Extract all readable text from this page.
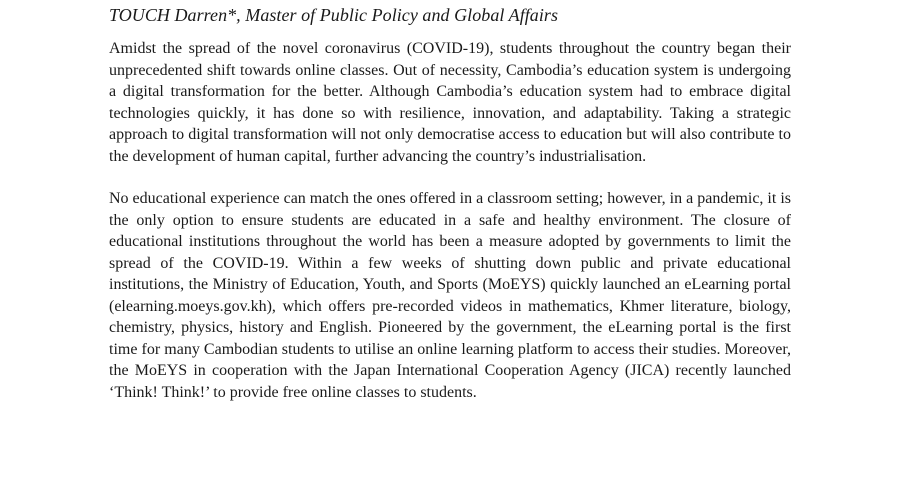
TOUCH Darren*, Master of Public Policy and Global Affairs

Amidst the spread of the novel coronavirus (COVID-19), students throughout the country began their unprecedented shift towards online classes. Out of necessity, Cambodia’s education system is undergoing a digital transformation for the better. Although Cambodia’s education system had to embrace digital technologies quickly, it has done so with resilience, innovation, and adaptability. Taking a strategic approach to digital transformation will not only democratise access to education but will also contribute to the development of human capital, further advancing the country’s industrialisation.

No educational experience can match the ones offered in a classroom setting; however, in a pandemic, it is the only option to ensure students are educated in a safe and healthy environment. The closure of educational institutions throughout the world has been a measure adopted by governments to limit the spread of the COVID-19. Within a few weeks of shutting down public and private educational institutions, the Ministry of Education, Youth, and Sports (MoEYS) quickly launched an eLearning portal (elearning.moeys.gov.kh), which offers pre-recorded videos in mathematics, Khmer literature, biology, chemistry, physics, history and English. Pioneered by the government, the eLearning portal is the first time for many Cambodian students to utilise an online learning platform to access their studies. Moreover, the MoEYS in cooperation with the Japan International Cooperation Agency (JICA) recently launched ‘Think! Think!’ to provide free online classes to students.
